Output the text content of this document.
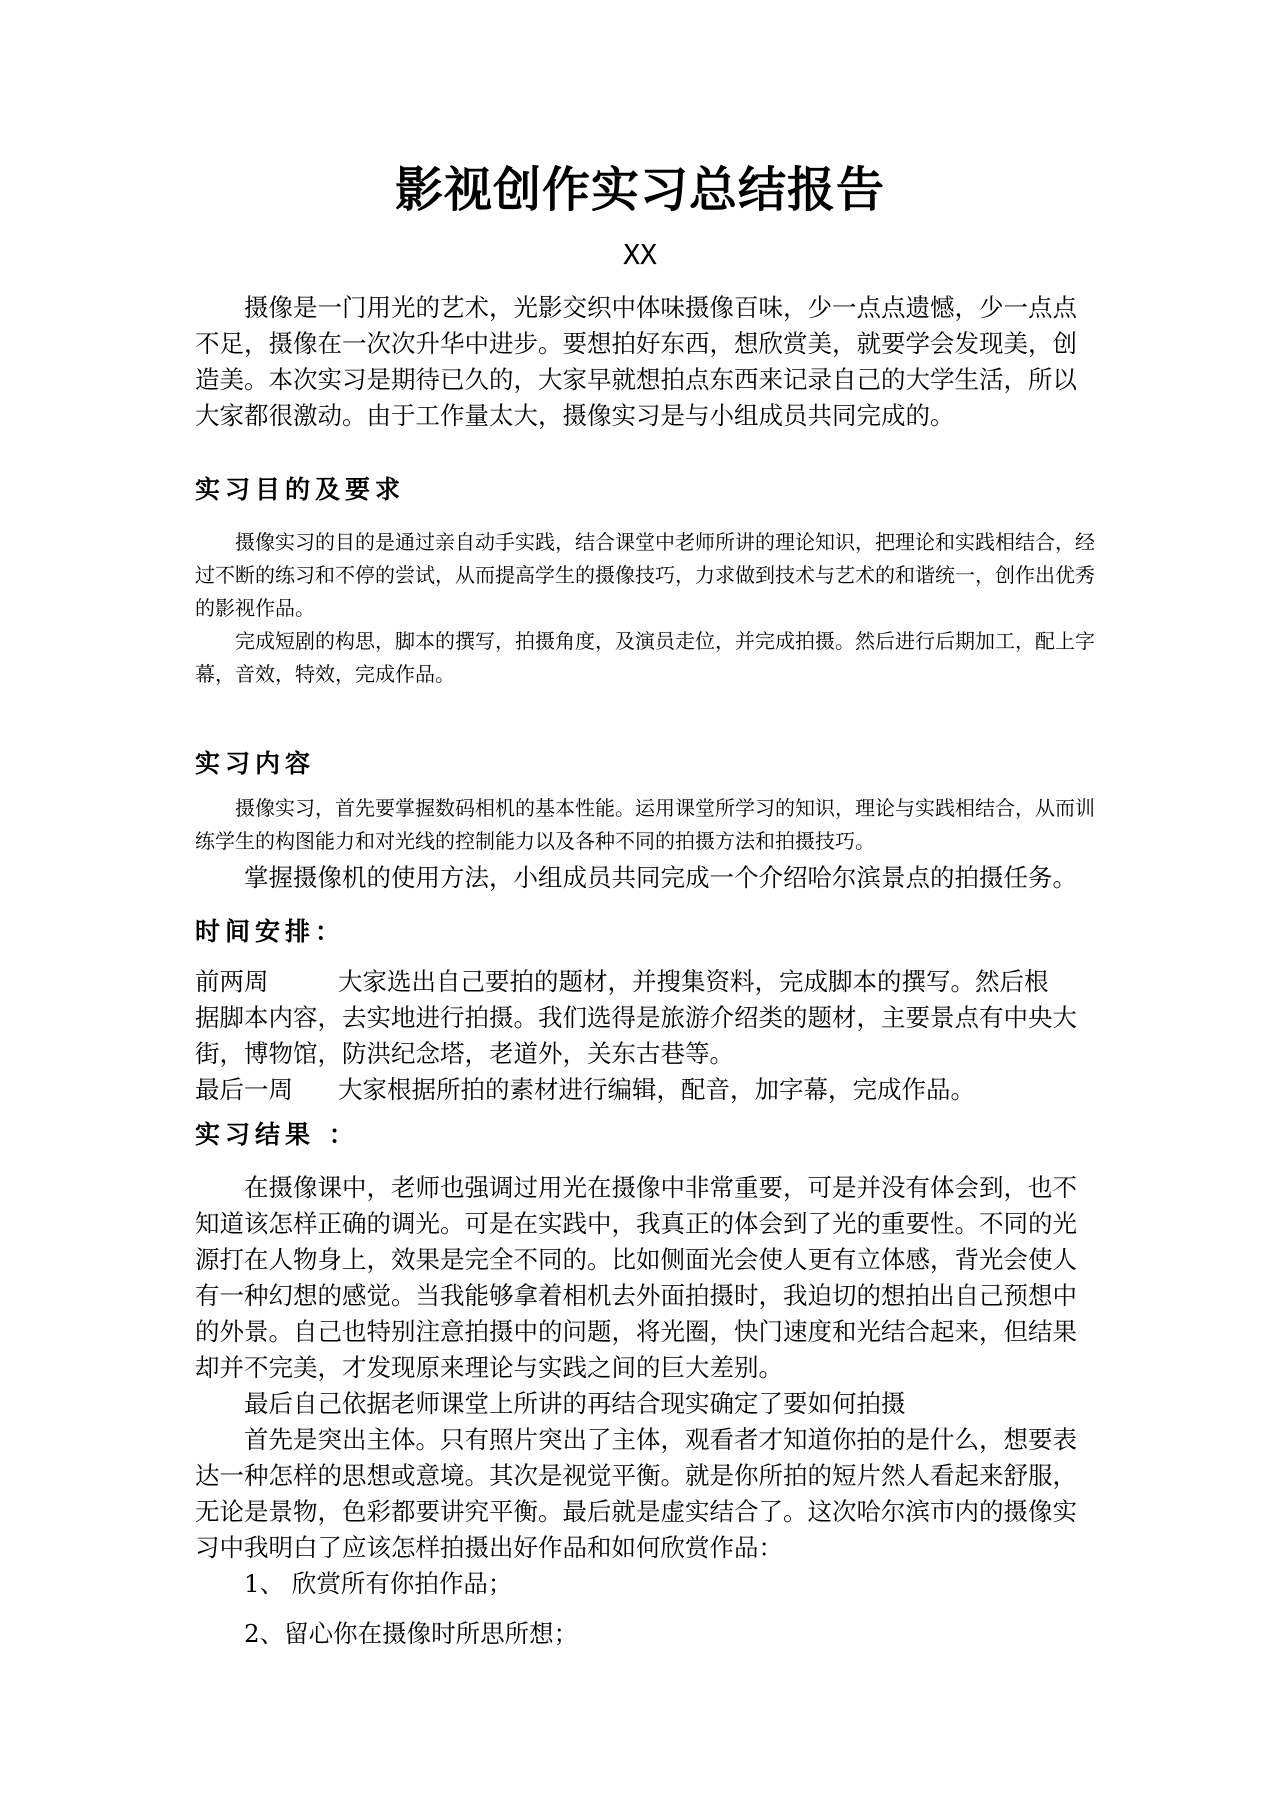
影视创作实习总结报告
XX

摄像是一门用光的艺术，光影交织中体味摄像百味，少一点点遗憾，少一点点不足，摄像在一次次升华中进步。要想拍好东西，想欣赏美，就要学会发现美，创造美。本次实习是期待已久的，大家早就想拍点东西来记录自己的大学生活，所以大家都很激动。由于工作量太大，摄像实习是与小组成员共同完成的。

实习目的及要求

摄像实习的目的是通过亲自动手实践，结合课堂中老师所讲的理论知识，把理论和实践相结合，经过不断的练习和不停的尝试，从而提高学生的摄像技巧，力求做到技术与艺术的和谐统一，创作出优秀的影视作品。

完成短剧的构思，脚本的撰写，拍摄角度，及演员走位，并完成拍摄。然后进行后期加工，配上字幕，音效，特效，完成作品。

实习内容

摄像实习，首先要掌握数码相机的基本性能。运用课堂所学习的知识，理论与实践相结合，从而训练学生的构图能力和对光线的控制能力以及各种不同的拍摄方法和拍摄技巧。

掌握摄像机的使用方法，小组成员共同完成一个介绍哈尔滨景点的拍摄任务。

时间安排：
前两周	大家选出自己要拍的题材，并搜集资料，完成脚本的撰写。然后根

据脚本内容，去实地进行拍摄。我们选得是旅游介绍类的题材，主要景点有中央大街，博物馆，防洪纪念塔，老道外，关东古巷等。

最后一周	大家根据所拍的素材进行编辑，配音，加字幕，完成作品。
实习结果 ：

在摄像课中，老师也强调过用光在摄像中非常重要，可是并没有体会到，也不知道该怎样正确的调光。可是在实践中，我真正的体会到了光的重要性。不同的光源打在人物身上，效果是完全不同的。比如侧面光会使人更有立体感，背光会使人有一种幻想的感觉。当我能够拿着相机去外面拍摄时，我迫切的想拍出自己预想中的外景。自己也特别注意拍摄中的问题，将光圈，快门速度和光结合起来，但结果却并不完美，才发现原来理论与实践之间的巨大差别。

最后自己依据老师课堂上所讲的再结合现实确定了要如何拍摄

首先是突出主体。只有照片突出了主体，观看者才知道你拍的是什么，想要表达一种怎样的思想或意境。其次是视觉平衡。就是你所拍的短片然人看起来舒服，无论是景物，色彩都要讲究平衡。最后就是虚实结合了。这次哈尔滨市内的摄像实习中我明白了应该怎样拍摄出好作品和如何欣赏作品：

1、 欣赏所有你拍作品；

2、留心你在摄像时所思所想；
